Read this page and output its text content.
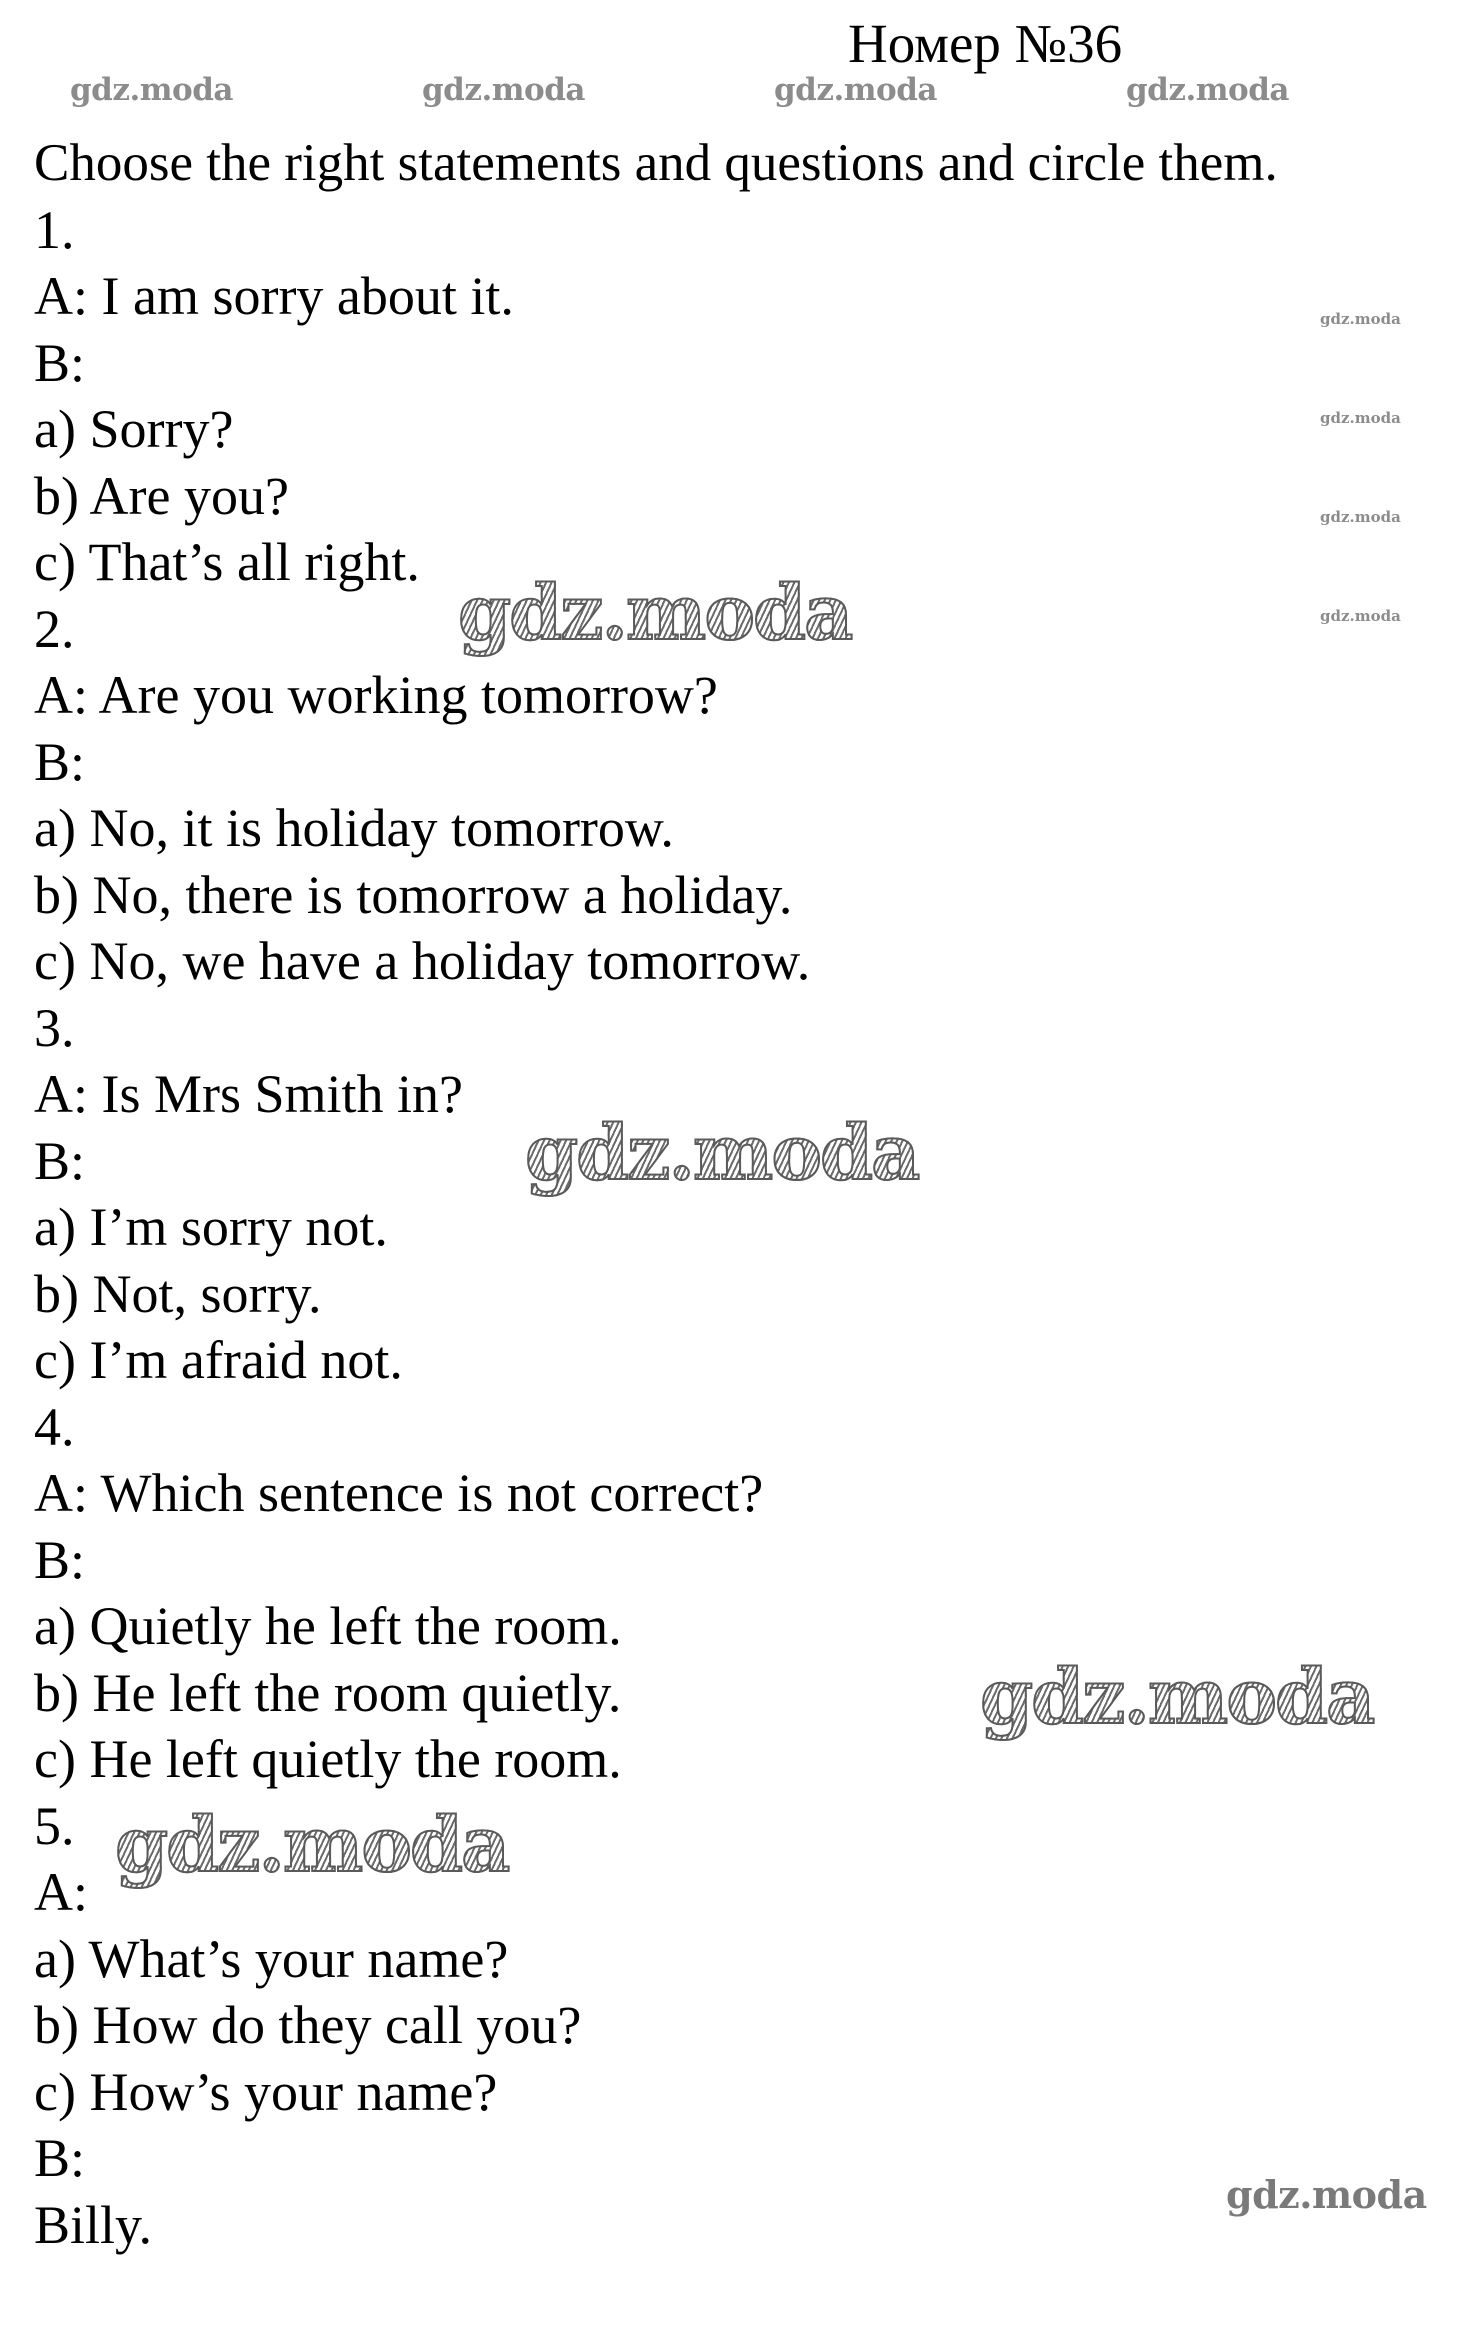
Номер №36
gdz.moda	gdz.moda	gdz.moda	gdz.moda
gdz.moda
gdz.moda
gdz.moda
gdz.moda
Choose the right statements and questions and circle them.
1.
A: I am sorry about it.
B:
a) Sorry?
b) Are you?
c) That’s all right.
2.
A: Are you working tomorrow?
B:
a) No, it is holiday tomorrow.
b) No, there is tomorrow a holiday.
c) No, we have a holiday tomorrow.
3.
A: Is Mrs Smith in?
B:
a) I’m sorry not.
b) Not, sorry.
c) I’m afraid not.
4.
A: Which sentence is not correct?
B:
a) Quietly he left the room.
b) He left the room quietly.
c) He left quietly the room.
5.
A:
a) What’s your name?
b) How do they call you?
c) How’s your name?
B:
Billy.
gdz.moda
gdz.moda
gdz.moda
gdz.moda
gdz.moda
